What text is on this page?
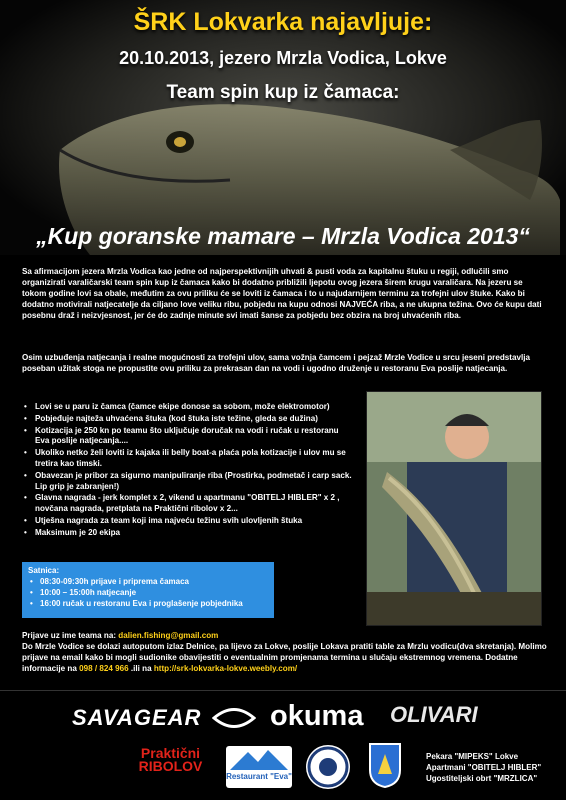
ŠRK Lokvarka najavljuje:
20.10.2013, jezero Mrzla Vodica, Lokve
Team spin kup iz čamaca:
„Kup goranske mamare – Mrzla Vodica 2013“
Sa afirmacijom jezera Mrzla Vodica kao jedne od najperspektivnijih uhvati & pusti voda za kapitalnu štuku u regiji, odlučili smo organizirati varaličarski team spin kup iz čamaca kako bi dodatno približili ljepotu ovog jezera širem krugu varaličara. Na jezeru se tokom godine lovi sa obale, međutim za ovu priliku će se loviti iz čamaca i to u najudarnijem terminu za trofejni ulov štuke. Kako bi dodatno motivirali natjecatelje da ciljano love veliku ribu, pobjedu na kupu odnosi NAJVEĆA riba, a ne ukupna težina. Ovo će kupu dati posebnu draž i neizvjesnost, jer će do zadnje minute svi imati šanse za pobjedu bez obzira na broj uhvaćenih riba.
Osim uzbuđenja natjecanja i realne mogućnosti za trofejni ulov, sama vožnja čamcem i pejzaž Mrzle Vodice u srcu jeseni predstavlja poseban užitak stoga ne propustite ovu priliku za prekrasan dan na vodi i ugodno druženje u restoranu Eva poslije natjecanja.
• Lovi se u paru iz čamca (čamce ekipe donose sa sobom, može elektromotor)
• Pobjeđuje najteža uhvaćena štuka (kod štuka iste težine, gleda se dužina)
• Kotizacija je 250 kn po teamu što uključuje doručak na vodi i ručak u restoranu Eva poslije natjecanja....
• Ukoliko netko želi loviti iz kajaka ili belly boat-a plaća pola kotizacije i ulov mu se tretira kao timski.
• Obavezan je pribor za sigurno manipuliranje riba (Prostirka, podmetač i carp sack. Lip grip je zabranjen!)
• Glavna nagrada - jerk komplet x 2, vikend u apartmanu "OBITELJ HIBLER" x 2 , novčana nagrada, pretplata na Praktični ribolov x 2...
• Utješna nagrada za team koji ima najveću težinu svih ulovljenih štuka
• Maksimum je 20 ekipa
Satnica:
• 08:30-09:30h prijave i priprema čamaca
• 10:00 – 15:00h natjecanje
• 16:00 ručak u restoranu Eva i proglašenje pobjednika
Prijave uz ime teama na: dalien.fishing@gmail.com
Do Mrzle Vodice se dolazi autoputom izlaz Delnice, pa lijevo za Lokve, poslije Lokava pratiti table za Mrzlu vodicu(dva skretanja). Molimo prijave na email kako bi mogli sudionike obavijestiti o eventualnim promjenama termina u slučaju ekstremnog vremena. Dodatne informacije na 098 / 824 966 .ili na http://srk-lokvarka-lokve.weebly.com/
SAVAGEAR okuma OLIVARI
Praktični RIBOLOV
Restaurant "Eva"
Pekara "MIPEKS" Lokve
Apartmani "OBITELJ HIBLER"
Ugostiteljski obrt "MRZLICA"
